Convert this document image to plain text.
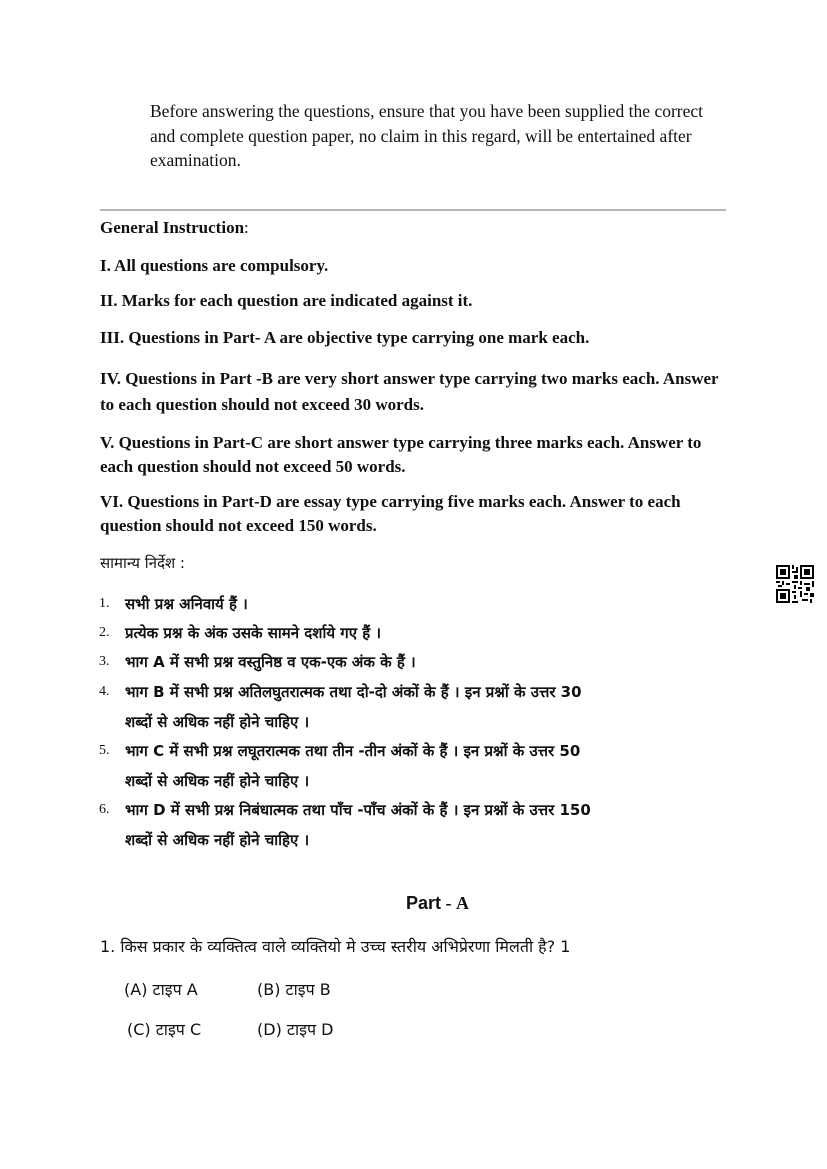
Before answering the questions, ensure that you have been supplied the correct and complete question paper, no claim in this regard, will be entertained after examination.

General Instruction:

I. All questions are compulsory.

II. Marks for each question are indicated against it.

III. Questions in Part- A are objective type carrying one mark each.

IV. Questions in Part -B are very short answer type carrying two marks each. Answer to each question should not exceed 30 words.

V. Questions in Part-C are short answer type carrying three marks each. Answer to each question should not exceed 50 words.

VI. Questions in Part-D are essay type carrying five marks each. Answer to each question should not exceed 150 words.

सामान्य निर्देश :

1. सभी प्रश्न अनिवार्य हैं ।
2. प्रत्येक प्रश्न के अंक उसके सामने दर्शाये गए हैं ।
3. भाग A में सभी प्रश्न वस्तुनिष्ठ व एक-एक अंक के हैं ।
4. भाग B में सभी प्रश्न अतिलघुतरात्मक तथा दो-दो अंकों के हैं । इन प्रश्नों के उत्तर 30
शब्दों से अधिक नहीं होने चाहिए ।
5. भाग C में सभी प्रश्न लघूतरात्मक तथा तीन -तीन अंकों के हैं । इन प्रश्नों के उत्तर 50
शब्दों से अधिक नहीं होने चाहिए ।
6. भाग D में सभी प्रश्न निबंधात्मक तथा पाँच -पाँच अंकों के हैं । इन प्रश्नों के उत्तर 150
शब्दों से अधिक नहीं होने चाहिए ।

Part - A

1. किस प्रकार के व्यक्तित्व वाले व्यक्तियो मे उच्च स्तरीय अभिप्रेरणा मिलती है? 1

(A) टाइप A	(B) टाइप B
(C) टाइप C	(D) टाइप D
